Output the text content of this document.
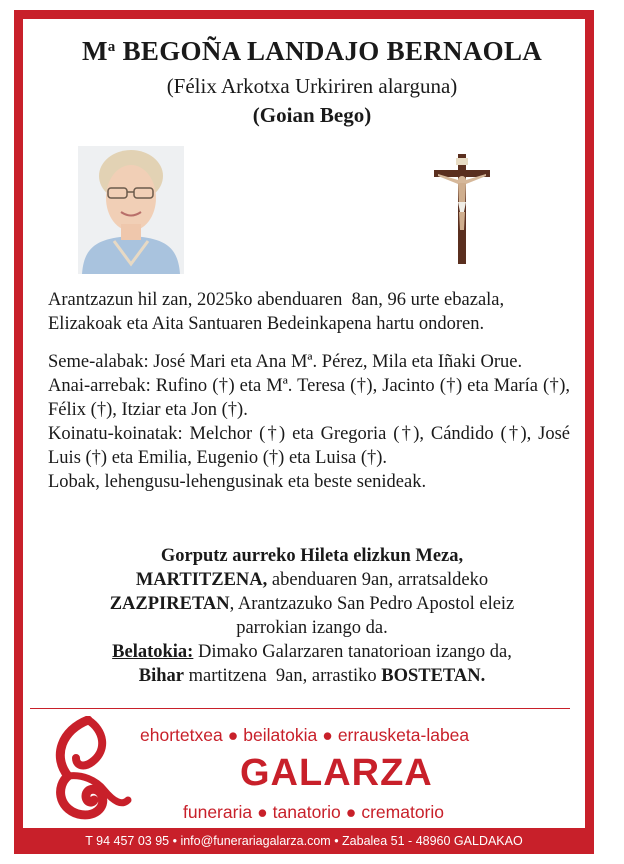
$M^a$ BEGOÑA LANDAJO BERNAOLA
(Félix Arkotxa Urkiriren alarguna)
(Goian Bego)
Arantzazun hil zan, 2025ko abenduaren  8an, 96 urte ebazala,
Elizakoak eta Aita Santuaren Bedeinkapena hartu ondoren.
Seme-alabak: José Mari eta Ana Mª. Pérez, Mila eta Iñaki Orue.
Anai-arrebak: Rufino (†) eta Mª. Teresa (†), Jacinto (†) eta María (†), Félix (†), Itziar eta Jon (†).
Koinatu-koinatak: Melchor (†) eta Gregoria (†), Cándido (†), José Luis (†) eta Emilia, Eugenio (†) eta Luisa (†).
Lobak, lehengusu-lehengusinak eta beste senideak.
Gorputz aurreko Hileta elizkun Meza,
MARTITZENA, abenduaren 9an, arratsaldeko
ZAZPIRETAN, Arantzazuko San Pedro Apostol eleiz
parrokian izango da.
Belatokia: Dimako Galarzaren tanatorioan izango da,
Bihar martitzena  9an, arrastiko BOSTETAN.
ehortetxea ● beilatokia ● errausketa-labea
GALARZA
funeraria ● tanatorio ● crematorio
T 94 457 03 95 • info@funerariagalarza.com • Zabalea 51 - 48960 GALDAKAO
